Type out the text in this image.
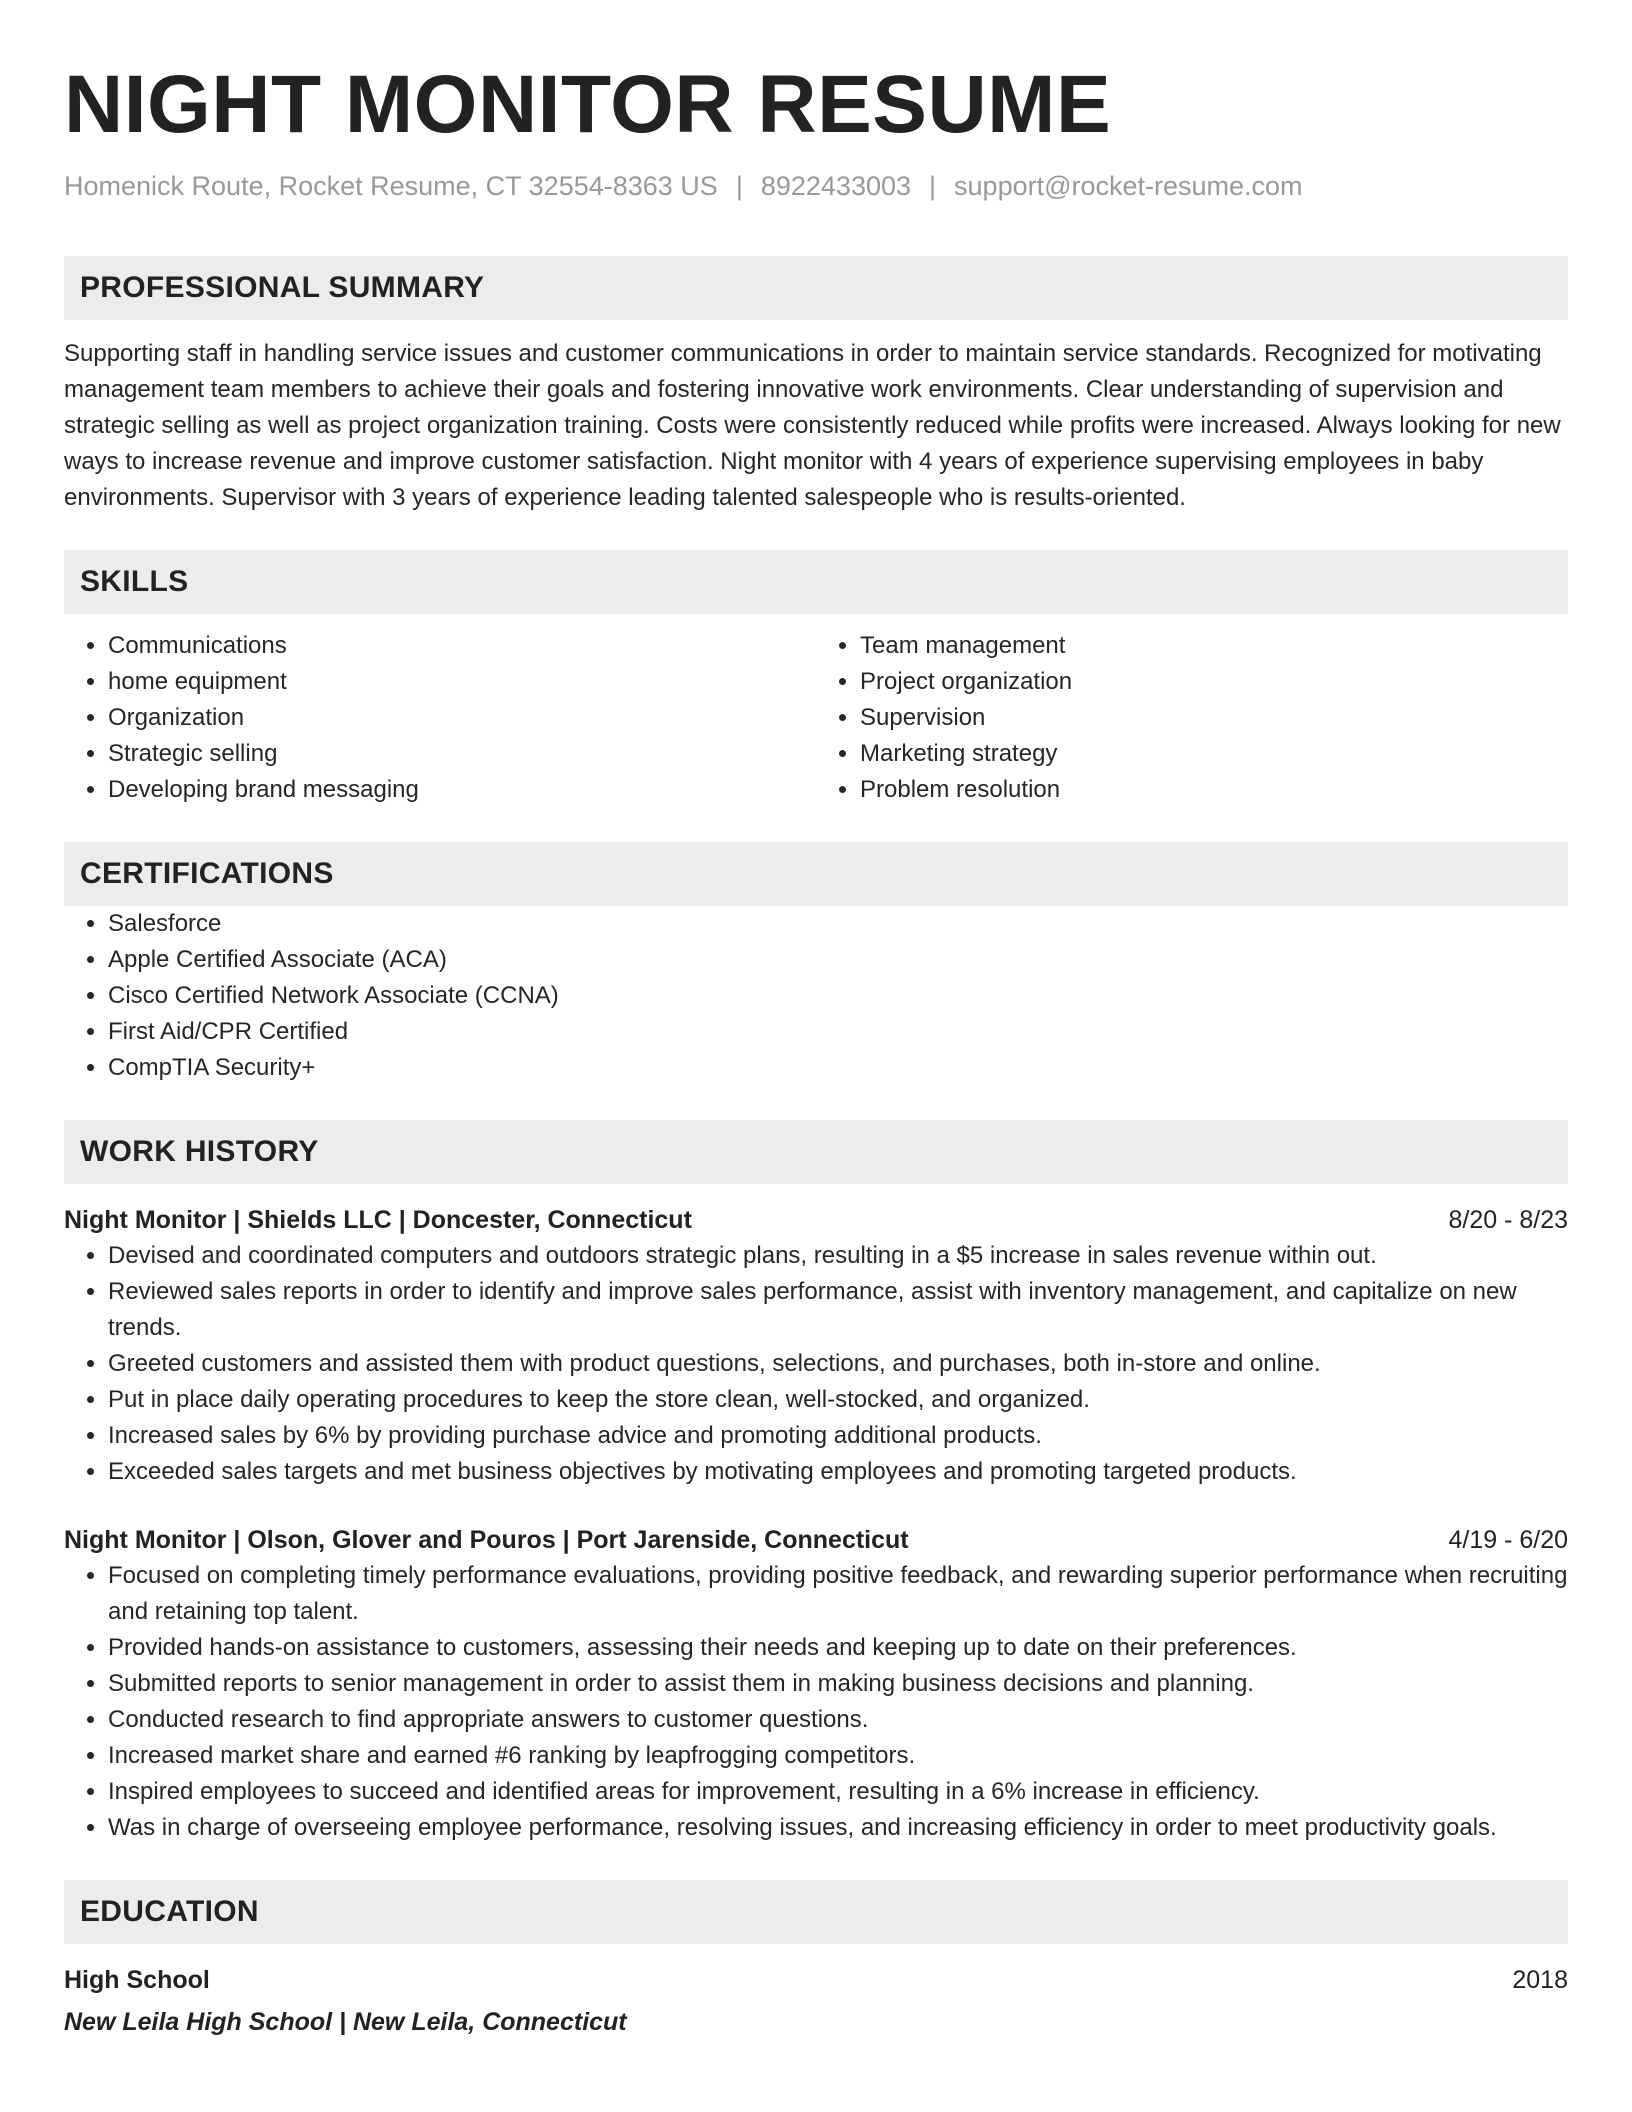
NIGHT MONITOR RESUME
Homenick Route, Rocket Resume, CT 32554-8363 US | 8922433003 | support@rocket-resume.com
PROFESSIONAL SUMMARY

Supporting staff in handling service issues and customer communications in order to maintain service standards. Recognized for motivating management team members to achieve their goals and fostering innovative work environments. Clear understanding of supervision and strategic selling as well as project organization training. Costs were consistently reduced while profits were increased. Always looking for new ways to increase revenue and improve customer satisfaction. Night monitor with 4 years of experience supervising employees in baby environments. Supervisor with 3 years of experience leading talented salespeople who is results-oriented.

SKILLS
• Communications
• home equipment
• Organization
• Strategic selling
• Developing brand messaging
• Team management
• Project organization
• Supervision
• Marketing strategy
• Problem resolution
CERTIFICATIONS
• Salesforce
• Apple Certified Associate (ACA)
• Cisco Certified Network Associate (CCNA)
• First Aid/CPR Certified
• CompTIA Security+
WORK HISTORY
Night Monitor | Shields LLC | Doncester, Connecticut	8/20 - 8/23
• Devised and coordinated computers and outdoors strategic plans, resulting in a $5 increase in sales revenue within out.
• Reviewed sales reports in order to identify and improve sales performance, assist with inventory management, and capitalize on new trends.
• Greeted customers and assisted them with product questions, selections, and purchases, both in-store and online.
• Put in place daily operating procedures to keep the store clean, well-stocked, and organized.
• Increased sales by 6% by providing purchase advice and promoting additional products.
• Exceeded sales targets and met business objectives by motivating employees and promoting targeted products.
Night Monitor | Olson, Glover and Pouros | Port Jarenside, Connecticut	4/19 - 6/20
• Focused on completing timely performance evaluations, providing positive feedback, and rewarding superior performance when recruiting and retaining top talent.
• Provided hands-on assistance to customers, assessing their needs and keeping up to date on their preferences.
• Submitted reports to senior management in order to assist them in making business decisions and planning.
• Conducted research to find appropriate answers to customer questions.
• Increased market share and earned #6 ranking by leapfrogging competitors.
• Inspired employees to succeed and identified areas for improvement, resulting in a 6% increase in efficiency.
• Was in charge of overseeing employee performance, resolving issues, and increasing efficiency in order to meet productivity goals.
EDUCATION
High School	2018
New Leila High School | New Leila, Connecticut
